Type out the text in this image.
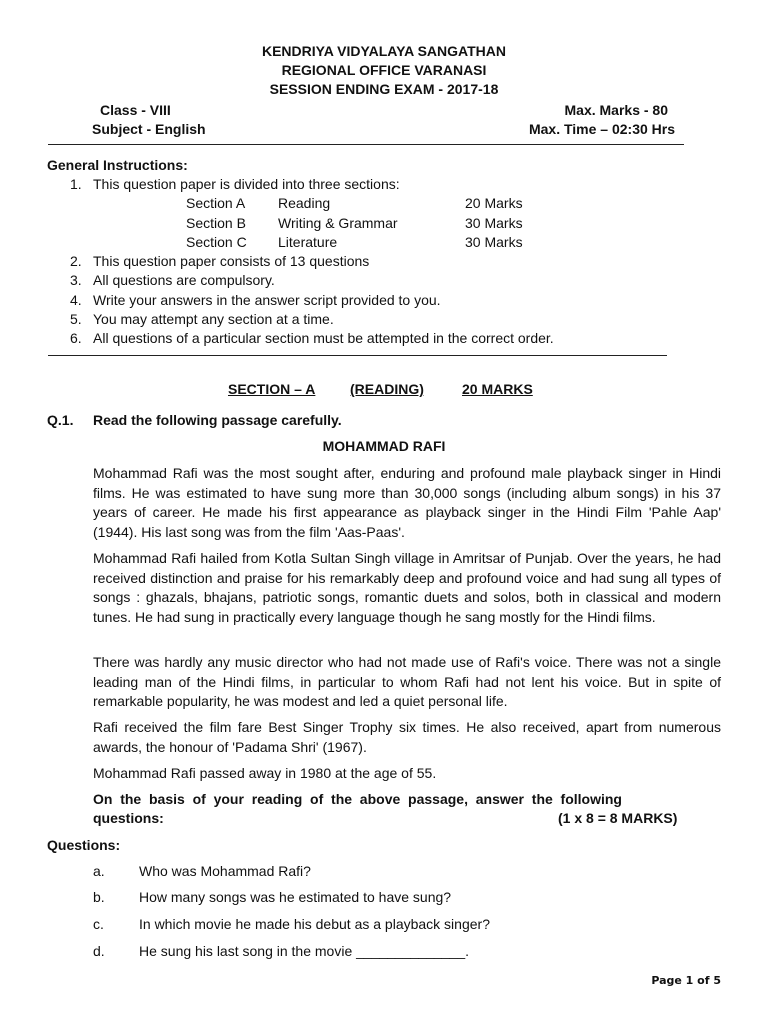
KENDRIYA VIDYALAYA SANGATHAN
REGIONAL OFFICE VARANASI
SESSION ENDING EXAM - 2017-18
Class - VIII
Subject - English
Max. Marks - 80
Max. Time – 02:30 Hrs
General Instructions:
1. This question paper is divided into three sections:
Section A Reading	20 Marks
Section B Writing & Grammar	30 Marks
Section C Literature	30 Marks
2. This question paper consists of 13 questions
3. All questions are compulsory.
4. Write your answers in the answer script provided to you.
5. You may attempt any section at a time.
6. All questions of a particular section must be attempted in the correct order.
SECTION – A (READING)	20 MARKS
Q.1. Read the following passage carefully.
MOHAMMAD RAFI
Mohammad Rafi was the most sought after, enduring and profound male playback singer in Hindi films. He was estimated to have sung more than 30,000 songs (including album songs) in his 37 years of career. He made his first appearance as playback singer in the Hindi Film 'Pahle Aap' (1944). His last song was from the film 'Aas-Paas'.
Mohammad Rafi hailed from Kotla Sultan Singh village in Amritsar of Punjab. Over the years, he had received distinction and praise for his remarkably deep and profound voice and had sung all types of songs : ghazals, bhajans, patriotic songs, romantic duets and solos, both in classical and modern tunes. He had sung in practically every language though he sang mostly for the Hindi films.
There was hardly any music director who had not made use of Rafi's voice. There was not a single leading man of the Hindi films, in particular to whom Rafi had not lent his voice. But in spite of remarkable popularity, he was modest and led a quiet personal life.
Rafi received the film fare Best Singer Trophy six times. He also received, apart from numerous awards, the honour of 'Padama Shri' (1967).
Mohammad Rafi passed away in 1980 at the age of 55.
On  the  basis  of  your  reading  of  the  above  passage,  answer  the  following
questions:	(1 x 8 = 8 MARKS)
Questions:
a. Who was Mohammad Rafi?
b. How many songs was he estimated to have sung?
c.	In which movie he made his debut as a playback singer?
d. He sung his last song in the movie ______________.
Page 1 of 5
